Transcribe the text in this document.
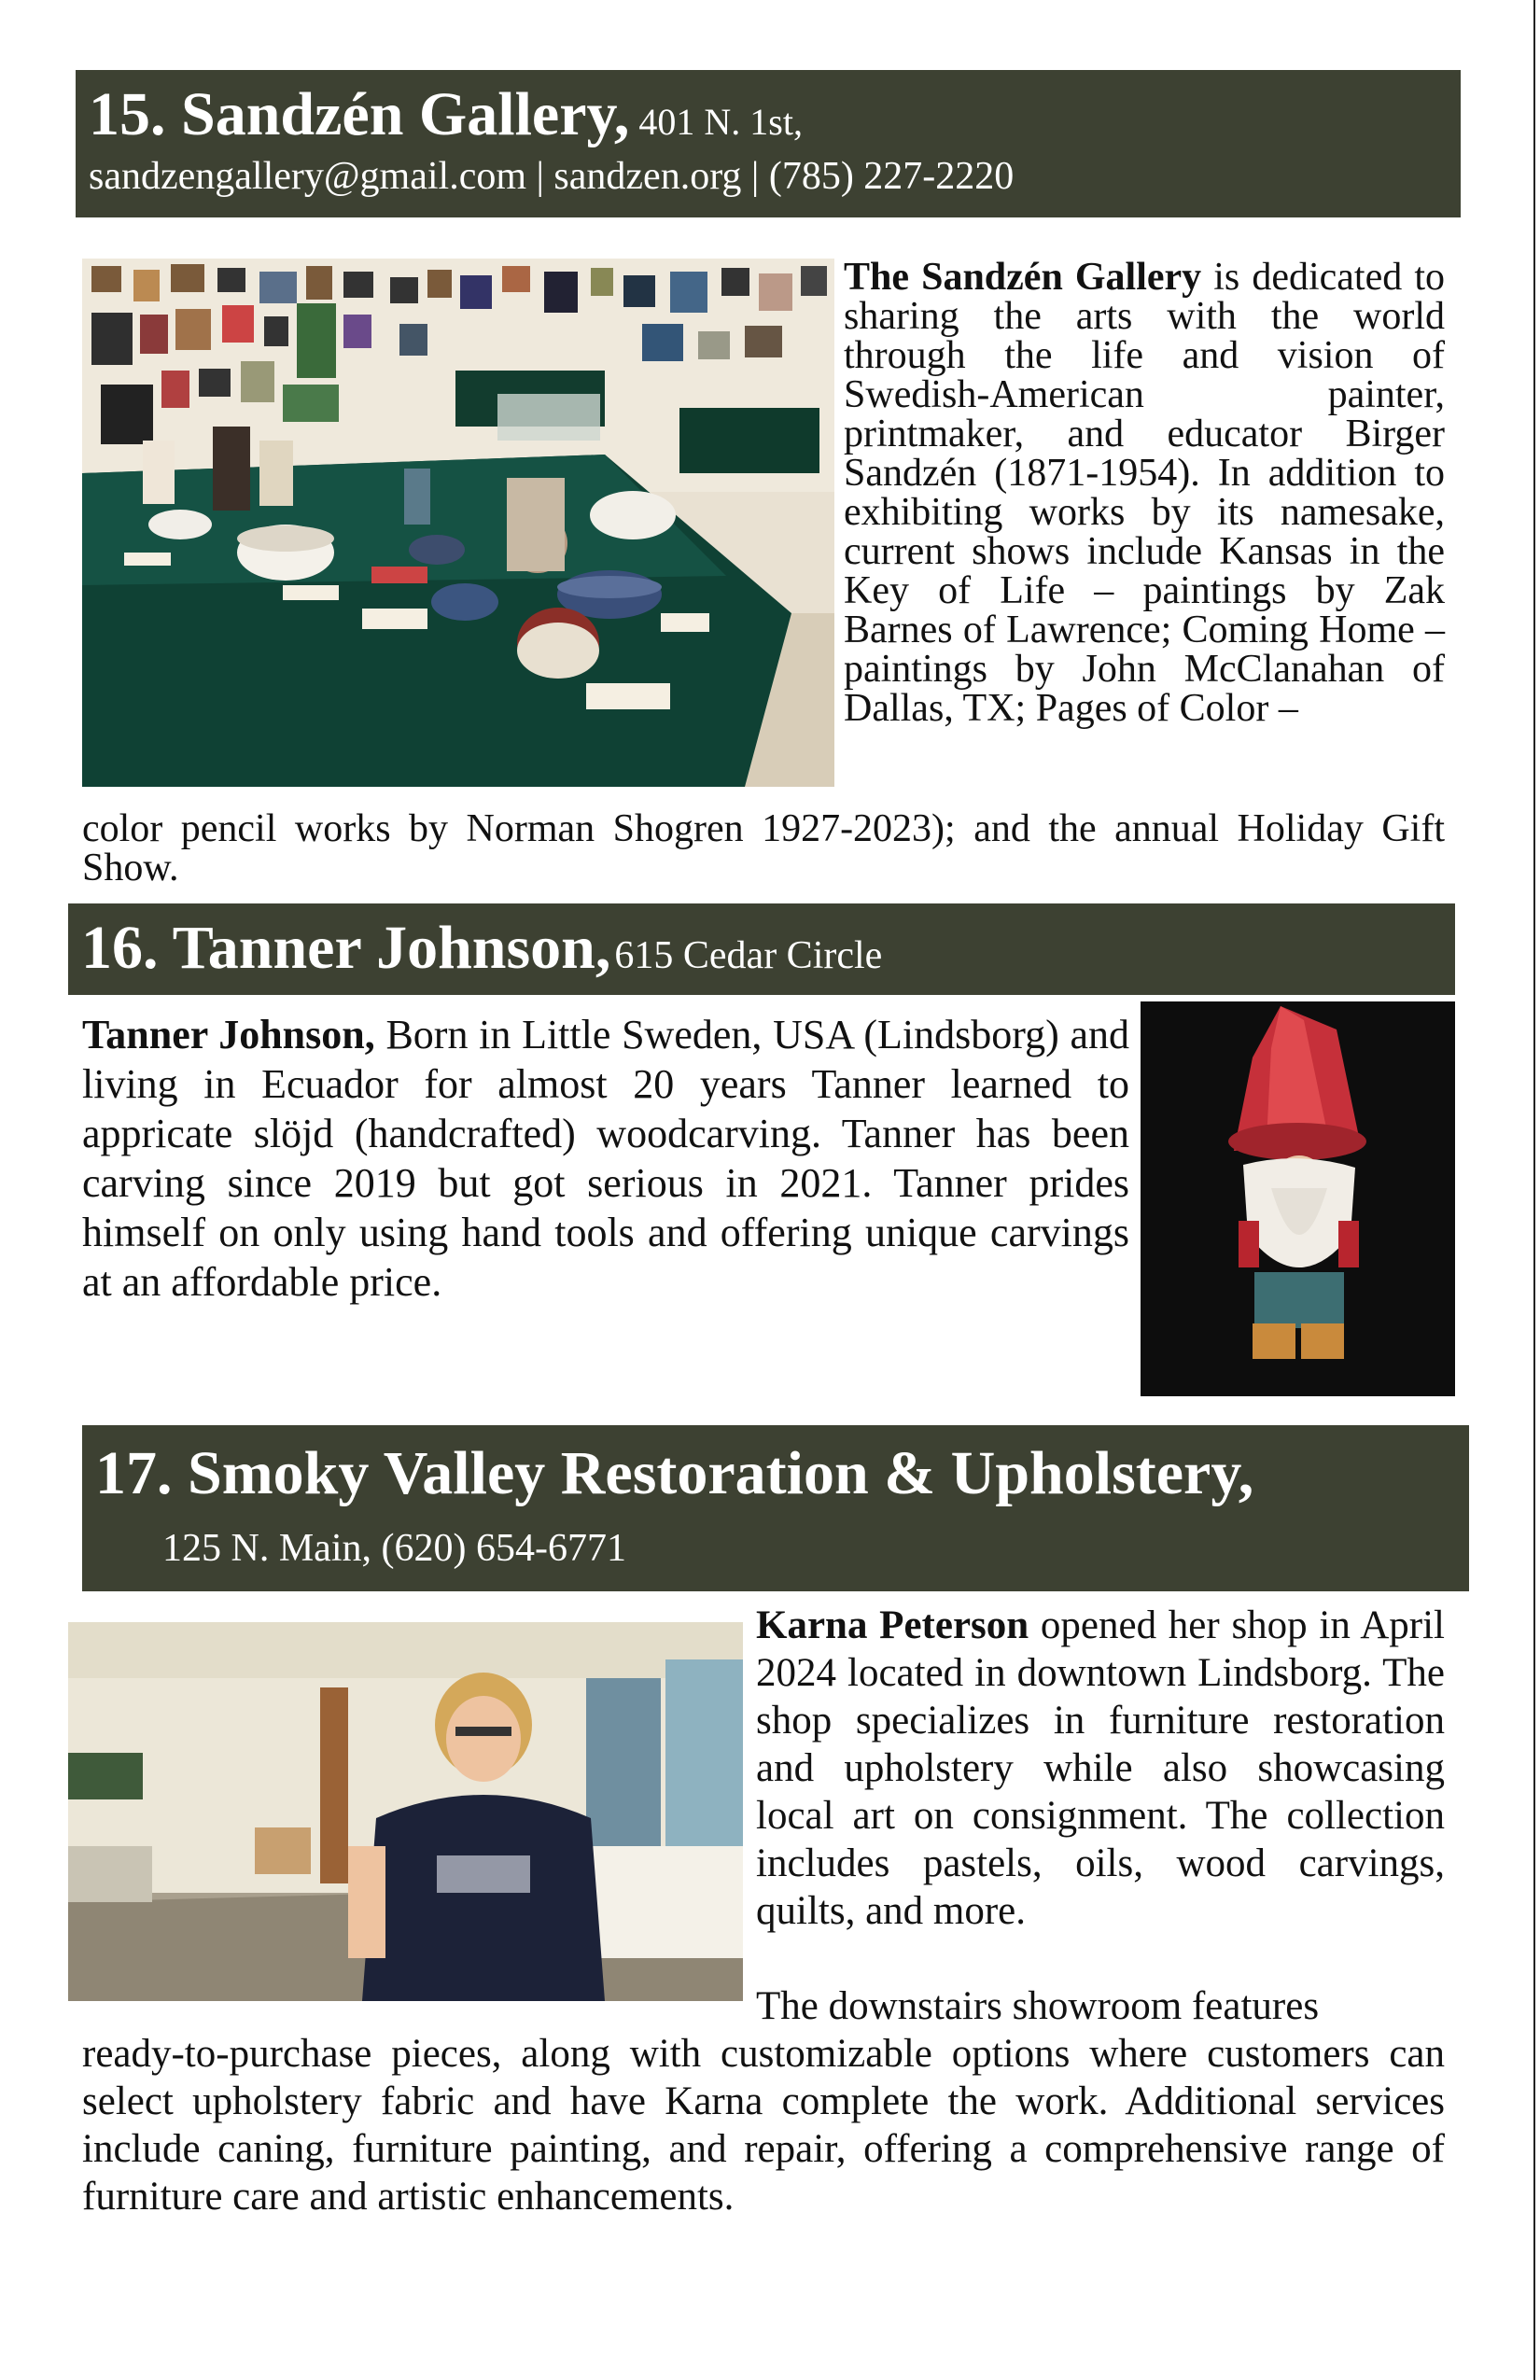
15. Sandzén Gallery, 401 N. 1st,
sandzengallery@gmail.com | sandzen.org | (785) 227-2220
The Sandzén Gallery is dedicated to sharing the arts with the world through the life and vision of Swedish-American painter, printmaker, and educator Birger Sandzén (1871-1954). In addition to exhibiting works by its namesake, current shows include Kansas in the Key of Life – paintings by Zak Barnes of Lawrence; Coming Home – paintings by John McClanahan of Dallas, TX; Pages of Color –
color pencil works by Norman Shogren 1927-2023); and the annual Holiday Gift Show.
16. Tanner Johnson, 615 Cedar Circle
Tanner Johnson, Born in Little Sweden, USA (Lindsborg) and living in Ecuador for almost 20 years Tanner learned to appricate slöjd (handcrafted) woodcarving. Tanner has been carving since 2019 but got serious in 2021. Tanner prides himself on only using hand tools and offering unique carvings at an affordable price.
17. Smoky Valley Restoration & Upholstery,
125 N. Main, (620) 654-6771
Karna Peterson opened her shop in April 2024 located in downtown Lindsborg. The shop specializes in furniture restoration and upholstery while also showcasing local art on consignment. The collection includes pastels, oils, wood carvings, quilts, and more.
The downstairs showroom features
ready-to-purchase pieces, along with customizable options where customers can select upholstery fabric and have Karna complete the work. Additional services include caning, furniture painting, and repair, offering a comprehensive range of furniture care and artistic enhancements.
